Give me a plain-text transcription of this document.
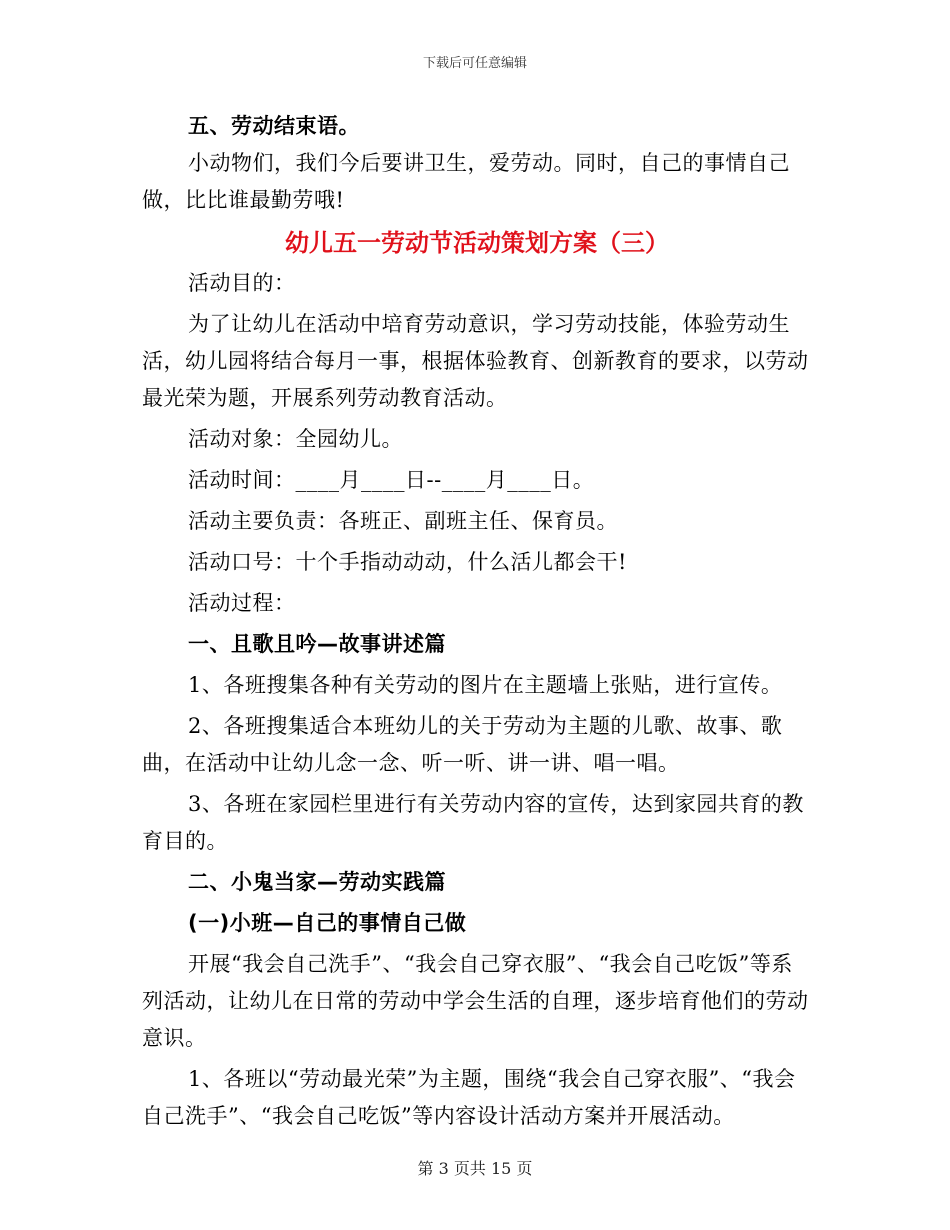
下载后可任意编辑

五、劳动结束语。

小动物们，我们今后要讲卫生，爱劳动。同时，自己的事情自己做，比比谁最勤劳哦!

幼儿五一劳动节活动策划方案（三）

活动目的：

为了让幼儿在活动中培育劳动意识，学习劳动技能，体验劳动生活，幼儿园将结合每月一事，根据体验教育、创新教育的要求，以劳动最光荣为题，开展系列劳动教育活动。

活动对象：全园幼儿。

活动时间：____月____日--____月____日。

活动主要负责：各班正、副班主任、保育员。

活动口号：十个手指动动动，什么活儿都会干!

活动过程：

一、且歌且吟—故事讲述篇

1、各班搜集各种有关劳动的图片在主题墙上张贴，进行宣传。

2、各班搜集适合本班幼儿的关于劳动为主题的儿歌、故事、歌曲，在活动中让幼儿念一念、听一听、讲一讲、唱一唱。

3、各班在家园栏里进行有关劳动内容的宣传，达到家园共育的教育目的。

二、小鬼当家—劳动实践篇

(一)小班—自己的事情自己做

开展“我会自己洗手”、“我会自己穿衣服”、“我会自己吃饭”等系列活动，让幼儿在日常的劳动中学会生活的自理，逐步培育他们的劳动意识。

1、各班以“劳动最光荣”为主题，围绕“我会自己穿衣服”、“我会自己洗手”、“我会自己吃饭”等内容设计活动方案并开展活动。

第 3 页共 15 页
